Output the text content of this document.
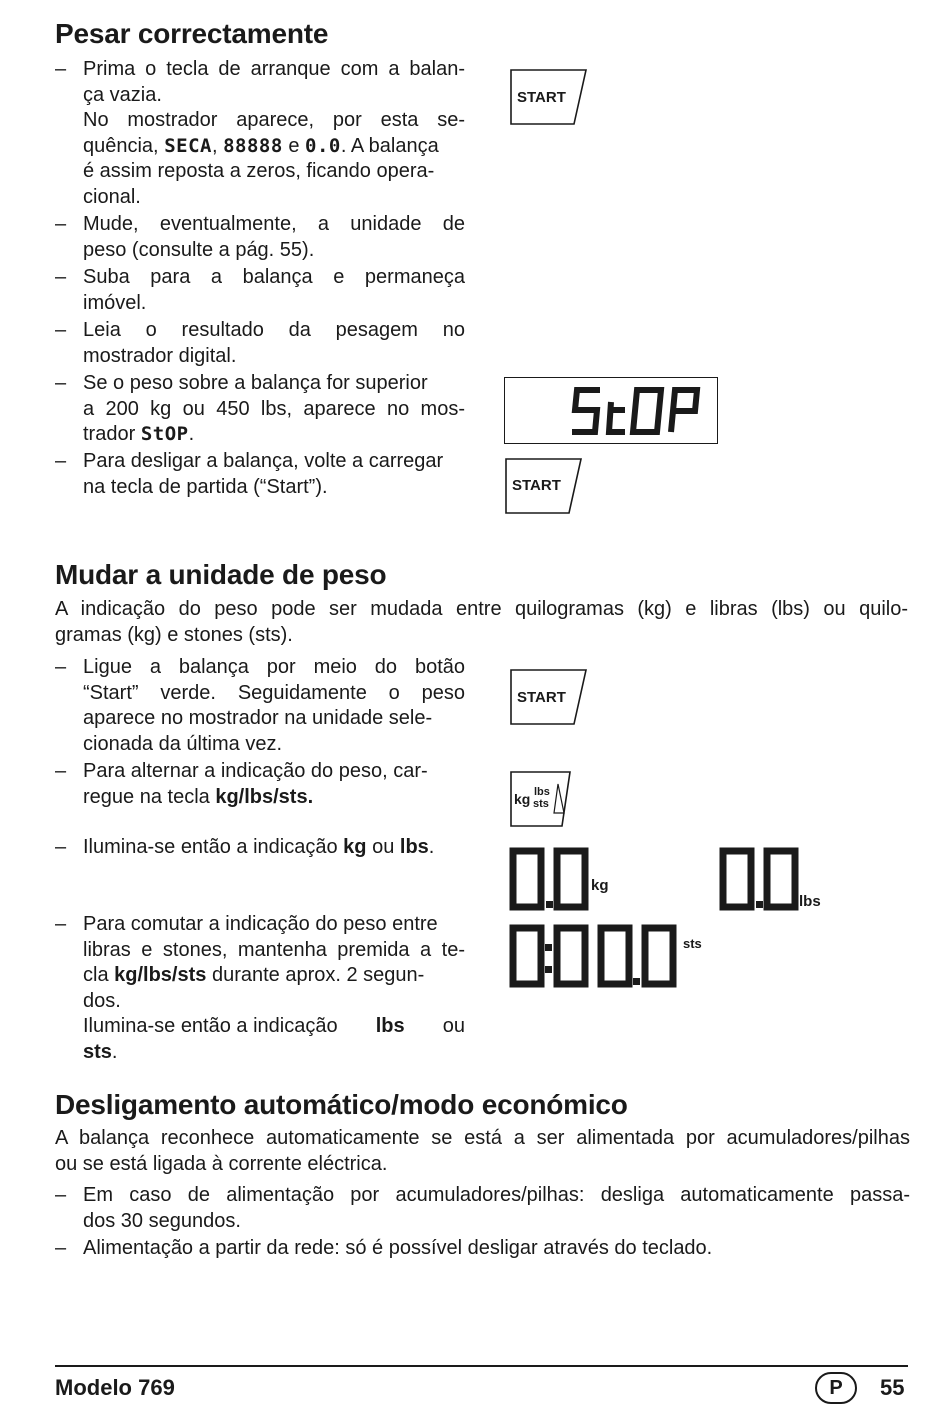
Pesar correctamente
– Prima o tecla de arranque com a balan-
ça vazia.
No mostrador aparece, por esta se-
quência, SECA, 88888 e 0.0. A balança
é assim reposta a zeros, ficando opera-
cional.
– Mude, eventualmente, a unidade de
peso (consulte a pág. 55).
– Suba para a balança e permaneça
imóvel.
– Leia o resultado da pesagem no
mostrador digital.
– Se o peso sobre a balança for superior
a 200 kg ou 450 lbs, aparece no mos-
trador StOP.
– Para desligar a balança, volte a carregar
na tecla de partida (“Start”).
START
START
Mudar a unidade de peso
A indicação do peso pode ser mudada entre quilogramas (kg) e libras (lbs) ou quilo-
gramas (kg) e stones (sts).
– Ligue a balança por meio do botão
“Start” verde. Seguidamente o peso
aparece no mostrador na unidade sele-
cionada da última vez.
– Para alternar a indicação do peso, car-
regue na tecla kg/lbs/sts.
– Ilumina-se então a indicação kg ou lbs.
– Para comutar a indicação do peso entre
libras e stones, mantenha premida a te-
cla kg/lbs/sts durante aprox. 2 segun-
dos.
Ilumina-se então a indicação lbs ou
sts.
START
kg lbs
sts
kg
lbs
sts
Desligamento automático/modo económico
A balança reconhece automaticamente se está a ser alimentada por acumuladores/pilhas
ou se está ligada à corrente eléctrica.
– Em caso de alimentação por acumuladores/pilhas: desliga automaticamente passa-
dos 30 segundos.
– Alimentação a partir da rede: só é possível desligar através do teclado.
Modelo 769	P	55
